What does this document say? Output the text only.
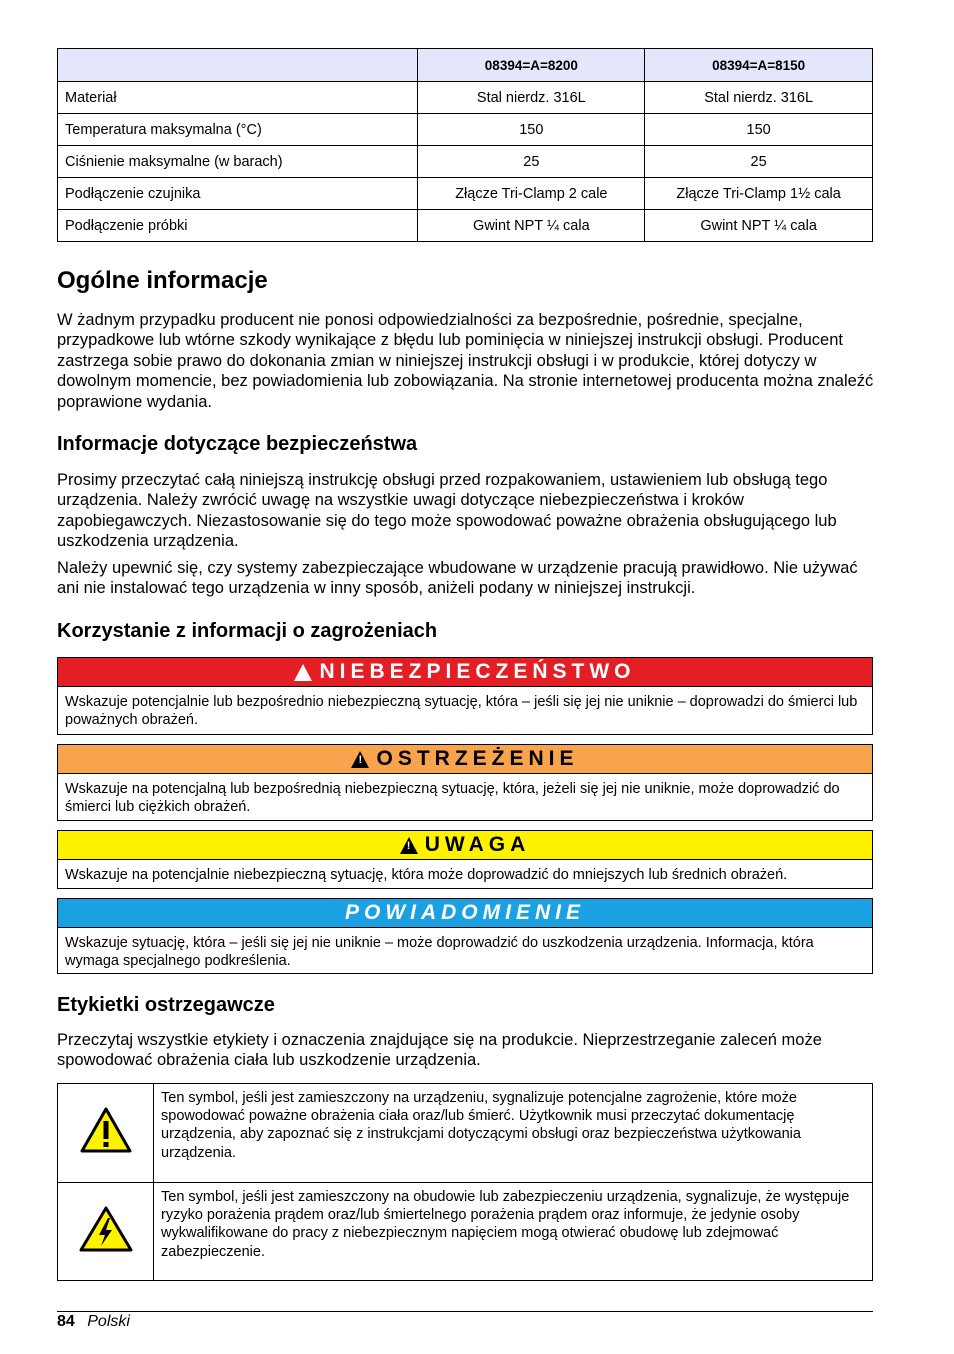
	08394=A=8200	08394=A=8150
Materiał	Stal nierdz. 316L	Stal nierdz. 316L
Temperatura maksymalna (°C)	150	150
Ciśnienie maksymalne (w barach)	25	25
Podłączenie czujnika	Złącze Tri-Clamp 2 cale	Złącze Tri-Clamp 1½ cala
Podłączenie próbki	Gwint NPT ¼ cala	Gwint NPT ¼ cala
Ogólne informacje

W żadnym przypadku producent nie ponosi odpowiedzialności za bezpośrednie, pośrednie, specjalne, przypadkowe lub wtórne szkody wynikające z błędu lub pominięcia w niniejszej instrukcji obsługi. Producent zastrzega sobie prawo do dokonania zmian w niniejszej instrukcji obsługi i w produkcie, której dotyczy w dowolnym momencie, bez powiadomienia lub zobowiązania. Na stronie internetowej producenta można znaleźć poprawione wydania.

Informacje dotyczące bezpieczeństwa

Prosimy przeczytać całą niniejszą instrukcję obsługi przed rozpakowaniem, ustawieniem lub obsługą tego urządzenia. Należy zwrócić uwagę na wszystkie uwagi dotyczące niebezpieczeństwa i kroków zapobiegawczych. Niezastosowanie się do tego może spowodować poważne obrażenia obsługującego lub uszkodzenia urządzenia.

Należy upewnić się, czy systemy zabezpieczające wbudowane w urządzenie pracują prawidłowo. Nie używać ani nie instalować tego urządzenia w inny sposób, aniżeli podany w niniejszej instrukcji.

Korzystanie z informacji o zagrożeniach
!
NIEBEZPIECZEŃSTWO
Wskazuje potencjalnie lub bezpośrednio niebezpieczną sytuację, która – jeśli się jej nie uniknie – doprowadzi do śmierci lub poważnych obrażeń.
!
OSTRZEŻENIE
Wskazuje na potencjalną lub bezpośrednią niebezpieczną sytuację, która, jeżeli się jej nie uniknie, może doprowadzić do śmierci lub ciężkich obrażeń.
!
UWAGA
Wskazuje na potencjalnie niebezpieczną sytuację, która może doprowadzić do mniejszych lub średnich obrażeń.
POWIADOMIENIE
Wskazuje sytuację, która – jeśli się jej nie uniknie – może doprowadzić do uszkodzenia urządzenia. Informacja, która wymaga specjalnego podkreślenia.
Etykietki ostrzegawcze

Przeczytaj wszystkie etykiety i oznaczenia znajdujące się na produkcie. Nieprzestrzeganie zaleceń może spowodować obrażenia ciała lub uszkodzenie urządzenia.

	Ten symbol, jeśli jest zamieszczony na urządzeniu, sygnalizuje potencjalne zagrożenie, które może spowodować poważne obrażenia ciała oraz/lub śmierć. Użytkownik musi przeczytać dokumentację urządzenia, aby zapoznać się z instrukcjami dotyczącymi obsługi oraz bezpieczeństwa użytkowania urządzenia.
	Ten symbol, jeśli jest zamieszczony na obudowie lub zabezpieczeniu urządzenia, sygnalizuje, że występuje ryzyko porażenia prądem oraz/lub śmiertelnego porażenia prądem oraz informuje, że jedynie osoby wykwalifikowane do pracy z niebezpiecznym napięciem mogą otwierać obudowę lub zdejmować zabezpieczenie.
84 Polski
